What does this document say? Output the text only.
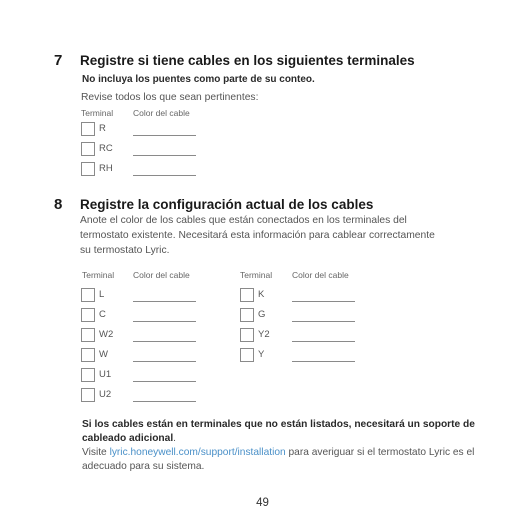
7 Registre si tiene cables en los siguientes terminales
No incluya los puentes como parte de su conteo.
Revise todos los que sean pertinentes:
Terminal Color del cable
R
RC
RH
8 Registre la configuración actual de los cables
Anote el color de los cables que están conectados en los terminales del termostato existente. Necesitará esta información para cablear correctamente su termostato Lyric.
Terminal Color del cable	Terminal Color del cable
L
C
W2
W
U1
U2
K
G
Y2
Y
Si los cables están en terminales que no están listados, necesitará un soporte de cableado adicional.
Visite lyric.honeywell.com/support/installation para averiguar si el termostato Lyric es el adecuado para su sistema.
49
